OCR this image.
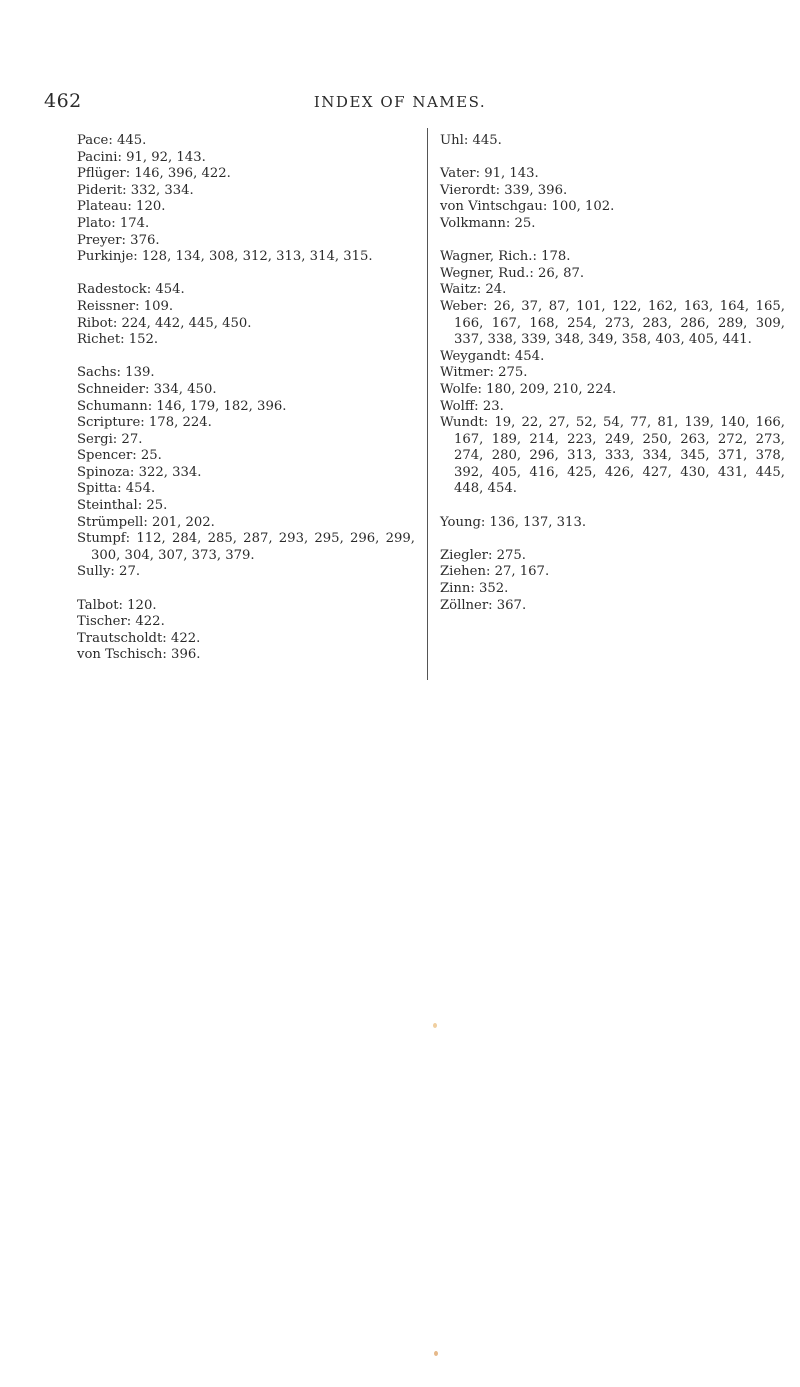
462	INDEX OF NAMES.
Pace: 445.
Pacini: 91, 92, 143.
Pflüger: 146, 396, 422.
Piderit: 332, 334.
Plateau: 120.
Plato: 174.
Preyer: 376.
Purkinje: 128, 134, 308, 312, 313, 314, 315.
Radestock: 454.
Reissner: 109.
Ribot: 224, 442, 445, 450.
Richet: 152.
Sachs: 139.
Schneider: 334, 450.
Schumann: 146, 179, 182, 396.
Scripture: 178, 224.
Sergi: 27.
Spencer: 25.
Spinoza: 322, 334.
Spitta: 454.
Steinthal: 25.
Strümpell: 201, 202.
Stumpf: 112, 284, 285, 287, 293, 295, 296, 299, 300, 304, 307, 373, 379.
Sully: 27.
Talbot: 120.
Tischer: 422.
Trautscholdt: 422.
von Tschisch: 396.
Uhl: 445.
Vater: 91, 143.
Vierordt: 339, 396.
von Vintschgau: 100, 102.
Volkmann: 25.
Wagner, Rich.: 178.
Wegner, Rud.: 26, 87.
Waitz: 24.
Weber: 26, 37, 87, 101, 122, 162, 163, 164, 165, 166, 167, 168, 254, 273, 283, 286, 289, 309, 337, 338, 339, 348, 349, 358, 403, 405, 441.
Weygandt: 454.
Witmer: 275.
Wolfe: 180, 209, 210, 224.
Wolff: 23.
Wundt: 19, 22, 27, 52, 54, 77, 81, 139, 140, 166, 167, 189, 214, 223, 249, 250, 263, 272, 273, 274, 280, 296, 313, 333, 334, 345, 371, 378, 392, 405, 416, 425, 426, 427, 430, 431, 445, 448, 454.
Young: 136, 137, 313.
Ziegler: 275.
Ziehen: 27, 167.
Zinn: 352.
Zöllner: 367.
